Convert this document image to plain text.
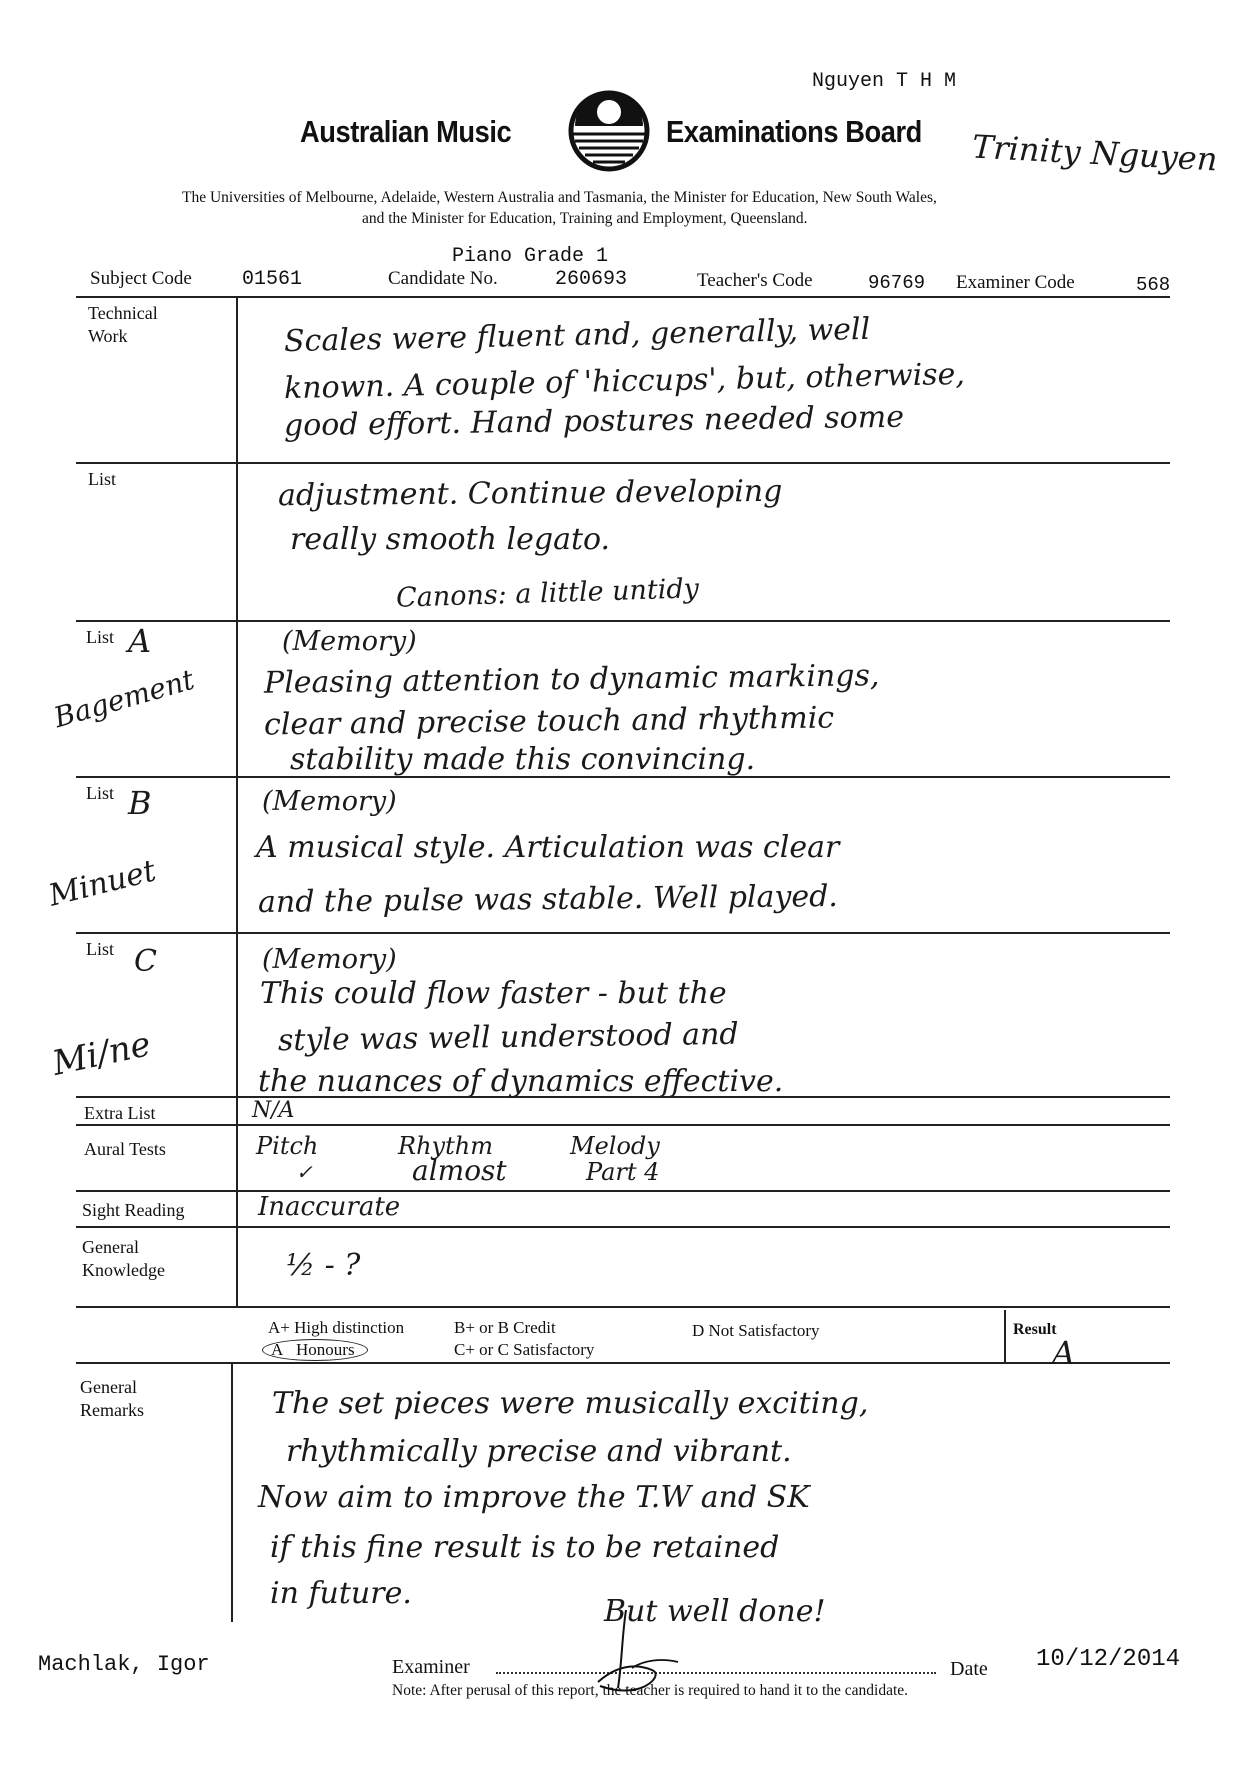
Nguyen T H M
Australian Music	Examinations Board Trinity Nguyen
The Universities of Melbourne, Adelaide, Western Australia and Tasmania, the Minister for Education, New South Wales,
and the Minister for Education, Training and Employment, Queensland.
Piano Grade 1
Subject Code	01561	Candidate No.	260693	Teacher's Code	96769 Examiner Code	568
Technical
Work	Scales were fluent and, generally, well
known. A couple of 'hiccups', but, otherwise,
good effort. Hand postures needed some
List	adjustment. Continue developing
really smooth legato.
Canons: a little untidy
List A
Bagement
(Memory)
Pleasing attention to dynamic markings,
clear and precise touch and rhythmic
stability made this convincing.
List B
Minuet
(Memory)
A musical style. Articulation was clear
and the pulse was stable. Well played.
List C
Mi/ne
(Memory)
This could flow faster - but the
style was well understood and
the nuances of dynamics effective.
Extra List	N/A
Aural Tests	Pitch	Rhythm	Melody
✓	almost	Part 4
Sight Reading	Inaccurate
General
Knowledge	½ - ?
A+ High distinction
A Honours
B+ or B Credit
C+ or C Satisfactory
D Not Satisfactory	Result
A
General
Remarks	The set pieces were musically exciting,
rhythmically precise and vibrant.
Now aim to improve the T.W and SK
if this fine result is to be retained
in future.
But well done!
Machlak, Igor	Examiner	Date 10/12/2014
Note: After perusal of this report, the teacher is required to hand it to the candidate.
